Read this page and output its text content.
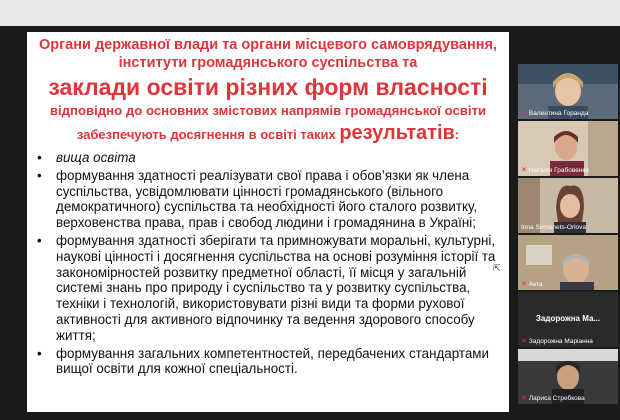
Органи державної влади та органи місцевого самоврядування,
інститути громадянського суспільства та
заклади освіти різних форм власності
відповідно до основних змістових напрямів громадянської освіти
забезпечують досягнення в освіті таких результатів:
• вища освіта
• формування здатності реалізувати свої права і обов’язки як члена суспільства, усвідомлювати цінності громадянського (вільного демократичного) суспільства та необхідності його сталого розвитку, верховенства права, прав і свобод людини і громадянина в Україні;
• формування здатності зберігати та примножувати моральні, культурні, наукові цінності і досягнення суспільства на основі розуміння історії та закономірностей розвитку предметної області, її місця у загальній системі знань про природу і суспільство та у розвитку суспільства, техніки і технологій, використовувати різні види та форми рухової активності для активного відпочинку та ведення здорового способу життя;
• формування загальних компетентностей, передбачених стандартами вищої освіти для кожної спеціальності.
⇱
✕ Валентина Горанда
✕ Наталія Грабовенко
Inna Semenets-Orlova
✕ Акта
Задорожна Ма...
✕ Задорожна Марiанна
✕ Лариса Стребкова
